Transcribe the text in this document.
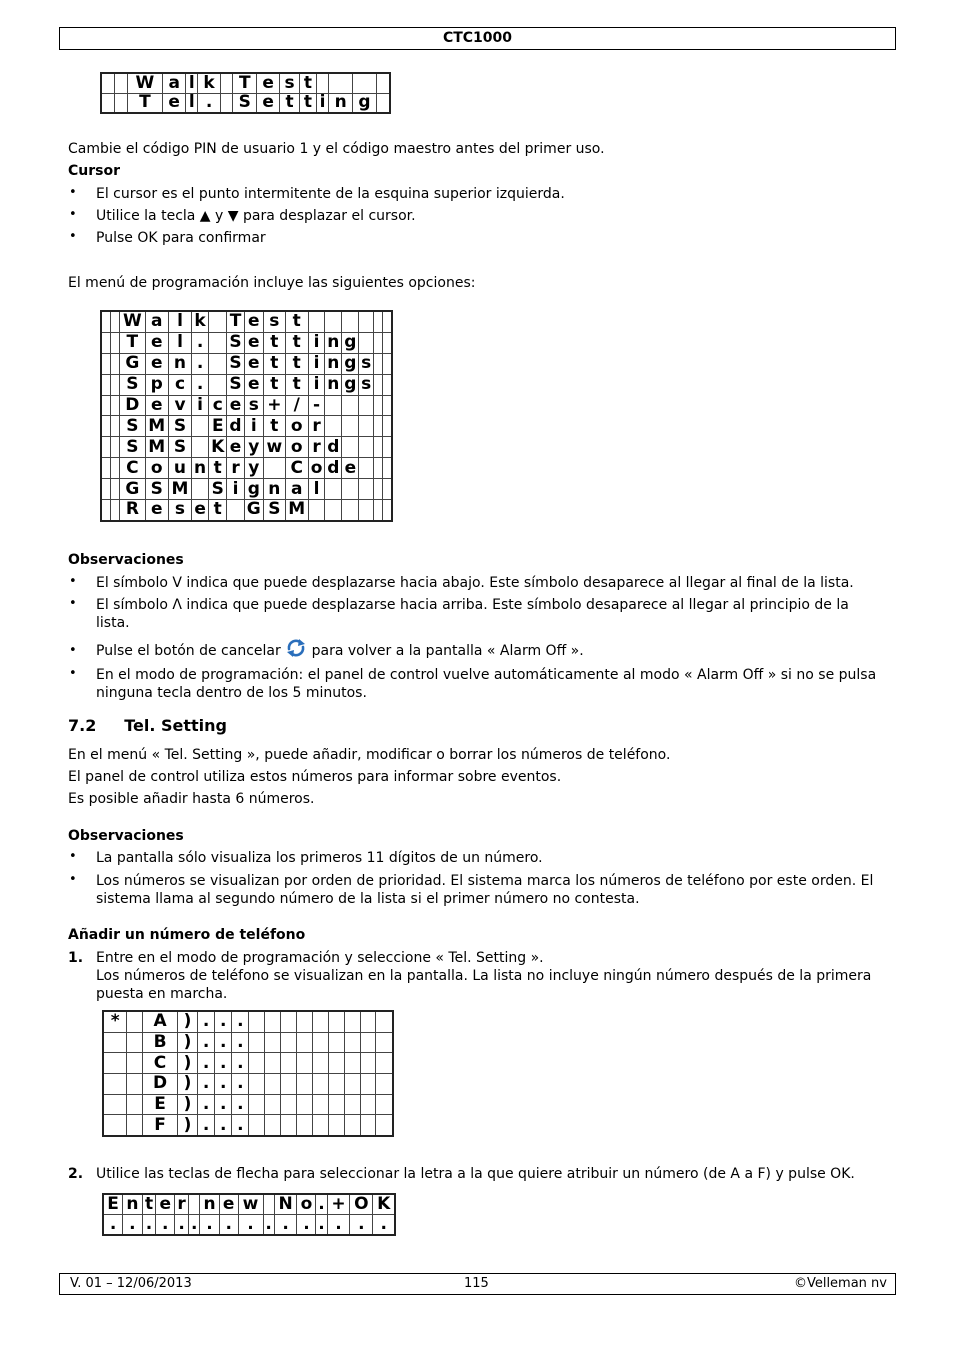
CTC1000
		W	a	l	k		T	e	s	t				
		T	e	l	.		S	e	t	t	i	n	g	

Cambie el código PIN de usuario 1 y el código maestro antes del primer uso.

Cursor

• El cursor es el punto intermitente de la esquina superior izquierda.

• Utilice la tecla ▲ y ▼ para desplazar el cursor.

• Pulse OK para confirmar

El menú de programación incluye las siguientes opciones:

		W	a	l	k		T	e	s	t						
		T	e	l	.		S	e	t	t	i	n	g			
		G	e	n	.		S	e	t	t	i	n	g	s		
		S	p	c	.		S	e	t	t	i	n	g	s		
		D	e	v	i	c	e	s	+	/	-					
		S	M	S		E	d	i	t	o	r					
		S	M	S		K	e	y	w	o	r	d				
		C	o	u	n	t	r	y		C	o	d	e			
		G	S	M		S	i	g	n	a	l					
		R	e	s	e	t		G	S	M						

Observaciones

• El símbolo V indica que puede desplazarse hacia abajo. Este símbolo desaparece al llegar al final de la lista.

• El símbolo Λ indica que puede desplazarse hacia arriba. Este símbolo desaparece al llegar al principio de la lista.

• Pulse el botón de cancelar para volver a la pantalla « Alarm Off ».

• En el modo de programación: el panel de control vuelve automáticamente al modo « Alarm Off » si no se pulsa ninguna tecla dentro de los 5 minutos.

7.2 Tel. Setting

En el menú « Tel. Setting », puede añadir, modificar o borrar los números de teléfono.

El panel de control utiliza estos números para informar sobre eventos.

Es posible añadir hasta 6 números.

Observaciones

• La pantalla sólo visualiza los primeros 11 dígitos de un número.

• Los números se visualizan por orden de prioridad. El sistema marca los números de teléfono por este orden. El sistema llama al segundo número de la lista si el primer número no contesta.

Añadir un número de teléfono

1. Entre en el modo de programación y seleccione « Tel. Setting ».
Los números de teléfono se visualizan en la pantalla. La lista no incluye ningún número después de la primera puesta en marcha.

*		A	)	.	.	.									
		B	)	.	.	.									
		C	)	.	.	.									
		D	)	.	.	.									
		E	)	.	.	.									
		F	)	.	.	.									

2. Utilice las teclas de flecha para seleccionar la letra a la que quiere atribuir un número (de A a F) y pulse OK.

E	n	t	e	r		n	e	w		N	o	.	+	O	K
.	.	.	.	.	.	.	.	.	.	.	.	.	.	.	.
V. 01 – 12/06/2013	115	©Velleman nv
